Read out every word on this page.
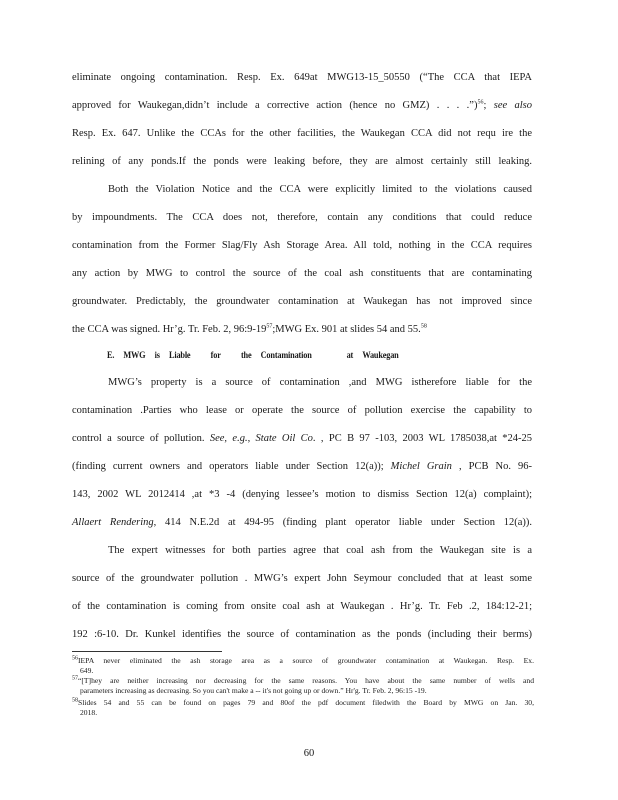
eliminate ongoing contamination. Resp. Ex. 649at MWG13-15_50550 (“The CCA that IEPA
approved for Waukegan,didn’t include a corrective action (hence no GMZ) . . . .”)$^{56}$; see also
Resp. Ex. 647. Unlike the CCAs for the other facilities, the Waukegan CCA did not requ ire the
relining of any ponds.If the ponds were leaking before, they are almost certainly still leaking.
Both the Violation Notice and the CCA were explicitly limited to the violations caused
by impoundments. The CCA does not, therefore, contain any conditions that could reduce
contamination from the Former Slag/Fly Ash Storage Area. All told, nothing in the CCA requires
any action by MWG to control the source of the coal ash constituents that are contaminating
groundwater. Predictably, the groundwater contamination at Waukegan has not improved since
the CCA was signed. Hr’g. Tr. Feb. 2, $96:9-19^{57};MWG$ Ex. 901 at slides 54 and 55.58
E. MWG is Liable for the Contamination	at Waukegan
MWG’s property is a source of contamination ,and MWG istherefore liable for the
contamination .Parties who lease or operate the source of pollution exercise the capability to
control a source of pollution. See, e.g., State Oil Co. , PC B 97 -103, 2003 WL 1785038,at *24-25
(finding current owners and operators liable under Section 12(a)); Michel Grain , PCB No. 96-
143, 2002 WL 2012414 ,at *3 -4 (denying lessee’s motion to dismiss Section 12(a) complaint);
Allaert Rendering, 414 N.E.2d at 494-95 (finding plant operator liable under Section 12(a)).
The expert witnesses for both parties agree that coal ash from the Waukegan site is a
source of the groundwater pollution . MWG’s expert John Seymour concluded that at least some
of the contamination is coming from onsite coal ash at Waukegan . Hr’g. Tr. Feb .2, 184:12-21;
192 :6-10. Dr. Kunkel identifies the source of contamination as the ponds (including their berms)
$^{56}$IEPA never eliminated the ash storage area as a source of groundwater contamination at Waukegan. Resp. Ex.
649.
$^{57}$“[T]hey are neither increasing nor decreasing for the same reasons. You have about the same number of wells and
parameters increasing as decreasing. So you can't make a -- it's not going up or down.” Hr'g. Tr. Feb. 2, 96:15 -19.
$^{58}$Slides 54 and 55 can be found on pages 79 and 80of the pdf document filedwith the Board by MWG on Jan. 30,
2018.
60
